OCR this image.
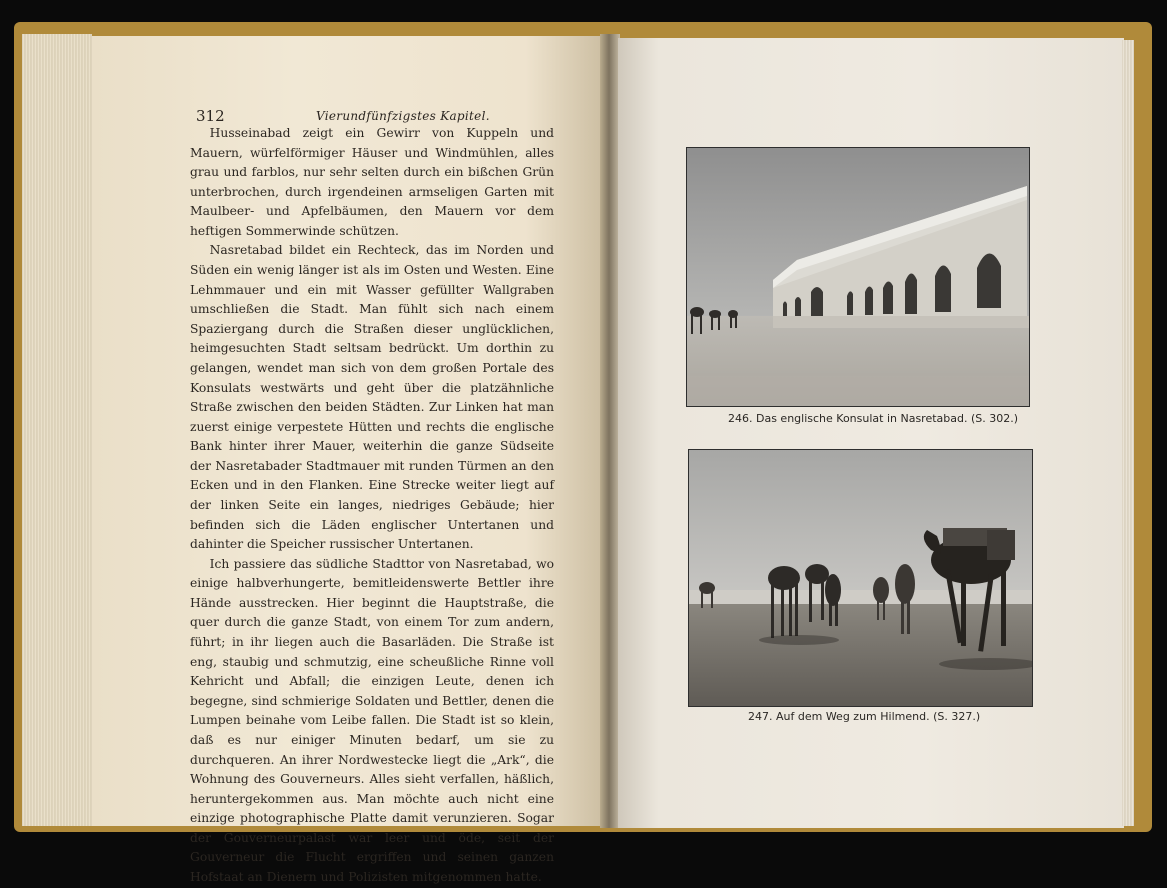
312	Vierundfünfzigstes Kapitel.

Husseinabad zeigt ein Gewirr von Kuppeln und Mauern, würfelförmiger Häuser und Windmühlen, alles grau und farblos, nur sehr selten durch ein bißchen Grün unterbrochen, durch irgendeinen armseligen Garten mit Maulbeer- und Apfelbäumen, den Mauern vor dem heftigen Sommerwinde schützen.

Nasretabad bildet ein Rechteck, das im Norden und Süden ein wenig länger ist als im Osten und Westen. Eine Lehmmauer und ein mit Wasser gefüllter Wallgraben umschließen die Stadt. Man fühlt sich nach einem Spaziergang durch die Straßen dieser unglücklichen, heimgesuchten Stadt seltsam bedrückt. Um dorthin zu gelangen, wendet man sich von dem großen Portale des Konsulats westwärts und geht über die platzähnliche Straße zwischen den beiden Städten. Zur Linken hat man zuerst einige verpestete Hütten und rechts die englische Bank hinter ihrer Mauer, weiterhin die ganze Südseite der Nasretabader Stadtmauer mit runden Türmen an den Ecken und in den Flanken. Eine Strecke weiter liegt auf der linken Seite ein langes, niedriges Gebäude; hier befinden sich die Läden englischer Untertanen und dahinter die Speicher russischer Untertanen.

Ich passiere das südliche Stadttor von Nasretabad, wo einige halbverhungerte, bemitleidenswerte Bettler ihre Hände ausstrecken. Hier beginnt die Hauptstraße, die quer durch die ganze Stadt, von einem Tor zum andern, führt; in ihr liegen auch die Basarläden. Die Straße ist eng, staubig und schmutzig, eine scheußliche Rinne voll Kehricht und Abfall; die einzigen Leute, denen ich begegne, sind schmierige Soldaten und Bettler, denen die Lumpen beinahe vom Leibe fallen. Die Stadt ist so klein, daß es nur einiger Minuten bedarf, um sie zu durchqueren. An ihrer Nordwestecke liegt die „Ark“, die Wohnung des Gouverneurs. Alles sieht verfallen, häßlich, heruntergekommen aus. Man möchte auch nicht eine einzige photographische Platte damit verunzieren. Sogar der Gouverneurpalast war leer und öde, seit der Gouverneur die Flucht ergriffen und seinen ganzen Hofstaat an Dienern und Polizisten mitgenommen hatte.

246. Das englische Konsulat in Nasretabad. (S. 302.)
247. Auf dem Weg zum Hilmend. (S. 327.)
